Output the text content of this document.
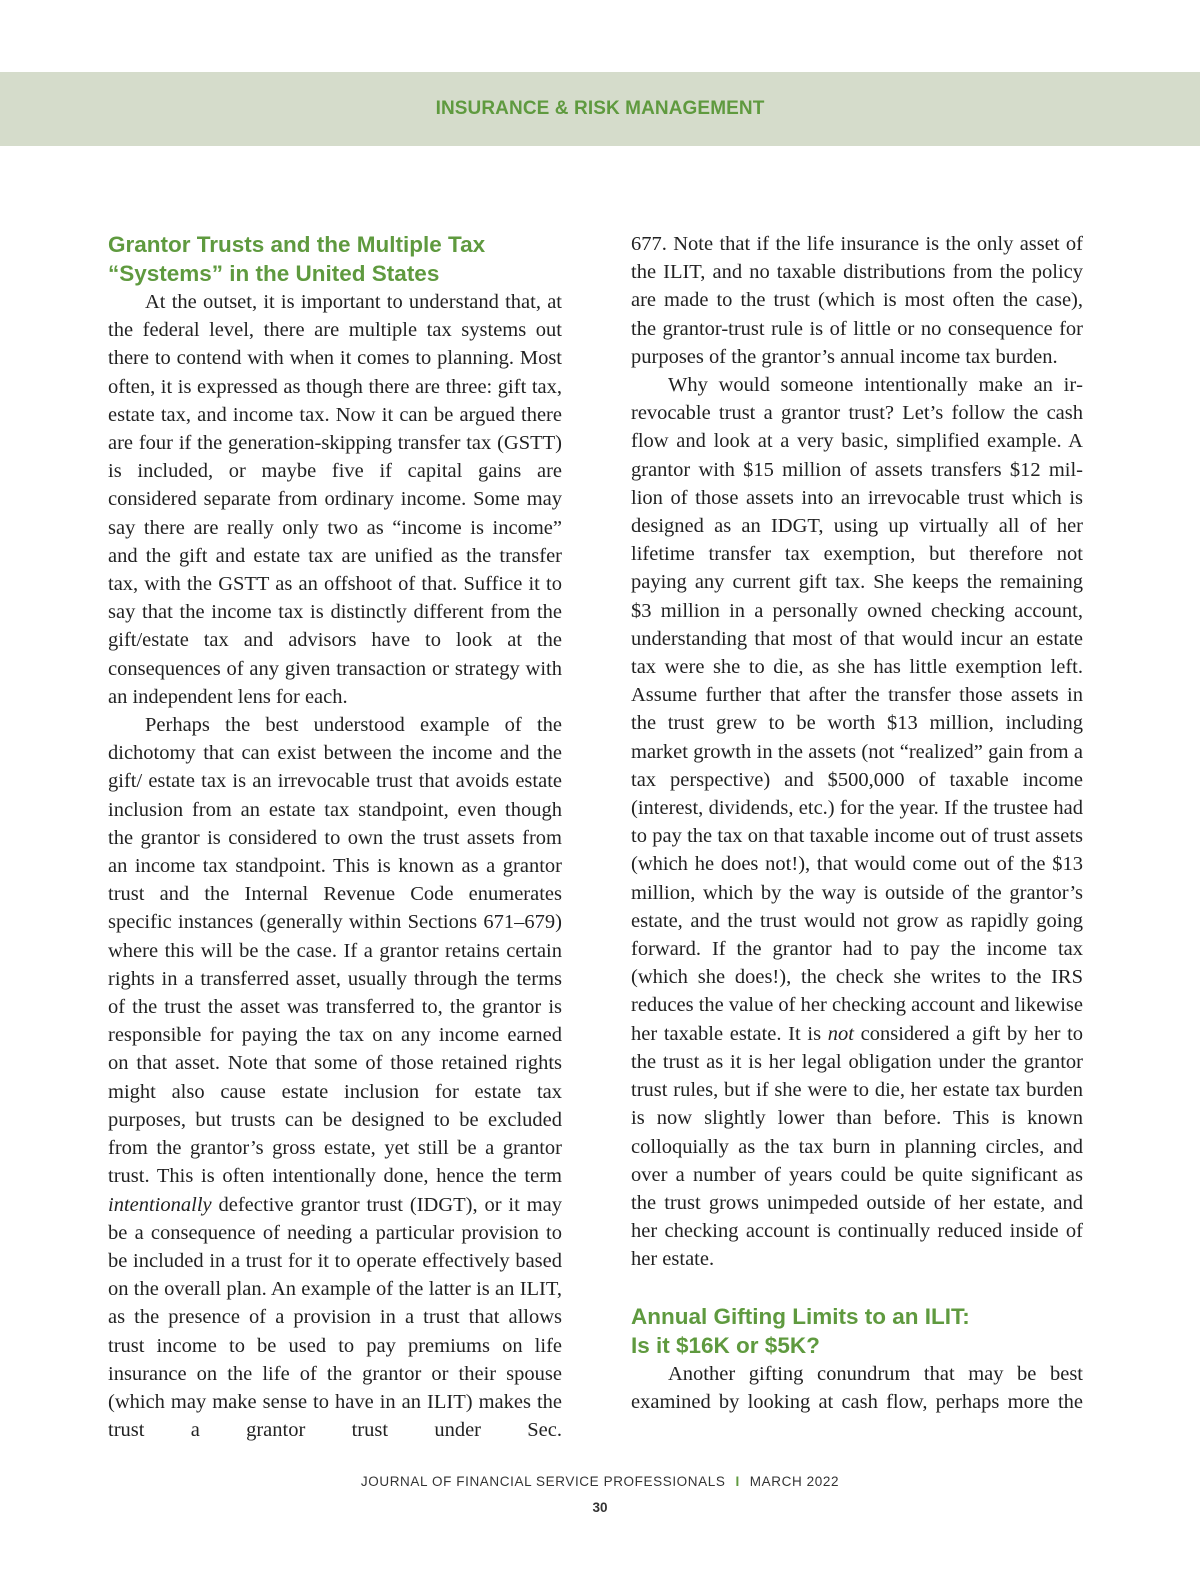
INSURANCE & RISK MANAGEMENT
Grantor Trusts and the Multiple Tax “Systems” in the United States

At the outset, it is important to understand that, at the federal level, there are multiple tax systems out there to contend with when it comes to planning. Most often, it is expressed as though there are three: gift tax, estate tax, and income tax. Now it can be argued there are four if the generation-skipping transfer tax (GSTT) is included, or maybe five if capital gains are considered separate from ordinary income. Some may say there are really only two as “income is income” and the gift and estate tax are unified as the transfer tax, with the GSTT as an offshoot of that. Suffice it to say that the income tax is distinctly different from the gift/estate tax and advisors have to look at the consequences of any given transaction or strategy with an independent lens for each.

Perhaps the best understood example of the dichotomy that can exist between the income and the gift/ estate tax is an irrevocable trust that avoids estate inclusion from an estate tax standpoint, even though the grantor is considered to own the trust assets from an income tax standpoint. This is known as a grantor trust and the Internal Revenue Code enumerates specific instances (generally within Sections 671–679) where this will be the case. If a grantor retains certain rights in a transferred asset, usually through the terms of the trust the asset was transferred to, the grantor is responsible for paying the tax on any income earned on that asset. Note that some of those retained rights might also cause estate inclusion for estate tax purposes, but trusts can be designed to be excluded from the grantor’s gross estate, yet still be a grantor trust. This is often intentionally done, hence the term intentionally defective grantor trust (IDGT), or it may be a consequence of needing a particular provision to be included in a trust for it to operate effectively based on the overall plan. An example of the latter is an ILIT, as the presence of a provision in a trust that allows trust income to be used to pay premiums on life insurance on the life of the grantor or their spouse (which may make sense to have in an ILIT) makes the trust a grantor trust under Sec.

677. Note that if the life insurance is the only asset of the ILIT, and no taxable distributions from the policy are made to the trust (which is most often the case), the grantor-trust rule is of little or no consequence for purposes of the grantor’s annual income tax burden.

Why would someone intentionally make an irrevocable trust a grantor trust? Let’s follow the cash flow and look at a very basic, simplified example. A grantor with $15 million of assets transfers $12 million of those assets into an irrevocable trust which is designed as an IDGT, using up virtually all of her lifetime transfer tax exemption, but therefore not paying any current gift tax. She keeps the remaining $3 million in a personally owned checking account, understanding that most of that would incur an estate tax were she to die, as she has little exemption left. Assume further that after the transfer those assets in the trust grew to be worth $13 million, including market growth in the assets (not “realized” gain from a tax perspective) and $500,000 of taxable income (interest, dividends, etc.) for the year. If the trustee had to pay the tax on that taxable income out of trust assets (which he does not!), that would come out of the $13 million, which by the way is outside of the grantor’s estate, and the trust would not grow as rapidly going forward. If the grantor had to pay the income tax (which she does!), the check she writes to the IRS reduces the value of her checking account and likewise her taxable estate. It is not considered a gift by her to the trust as it is her legal obligation under the grantor trust rules, but if she were to die, her estate tax burden is now slightly lower than before. This is known colloquially as the tax burn in planning circles, and over a number of years could be quite significant as the trust grows unimpeded outside of her estate, and her checking account is continually reduced inside of her estate.

Annual Gifting Limits to an ILIT:
Is it $16K or $5K?

Another gifting conundrum that may be best examined by looking at cash flow, perhaps more the

JOURNAL OF FINANCIAL SERVICE PROFESSIONALS I MARCH 2022
30
